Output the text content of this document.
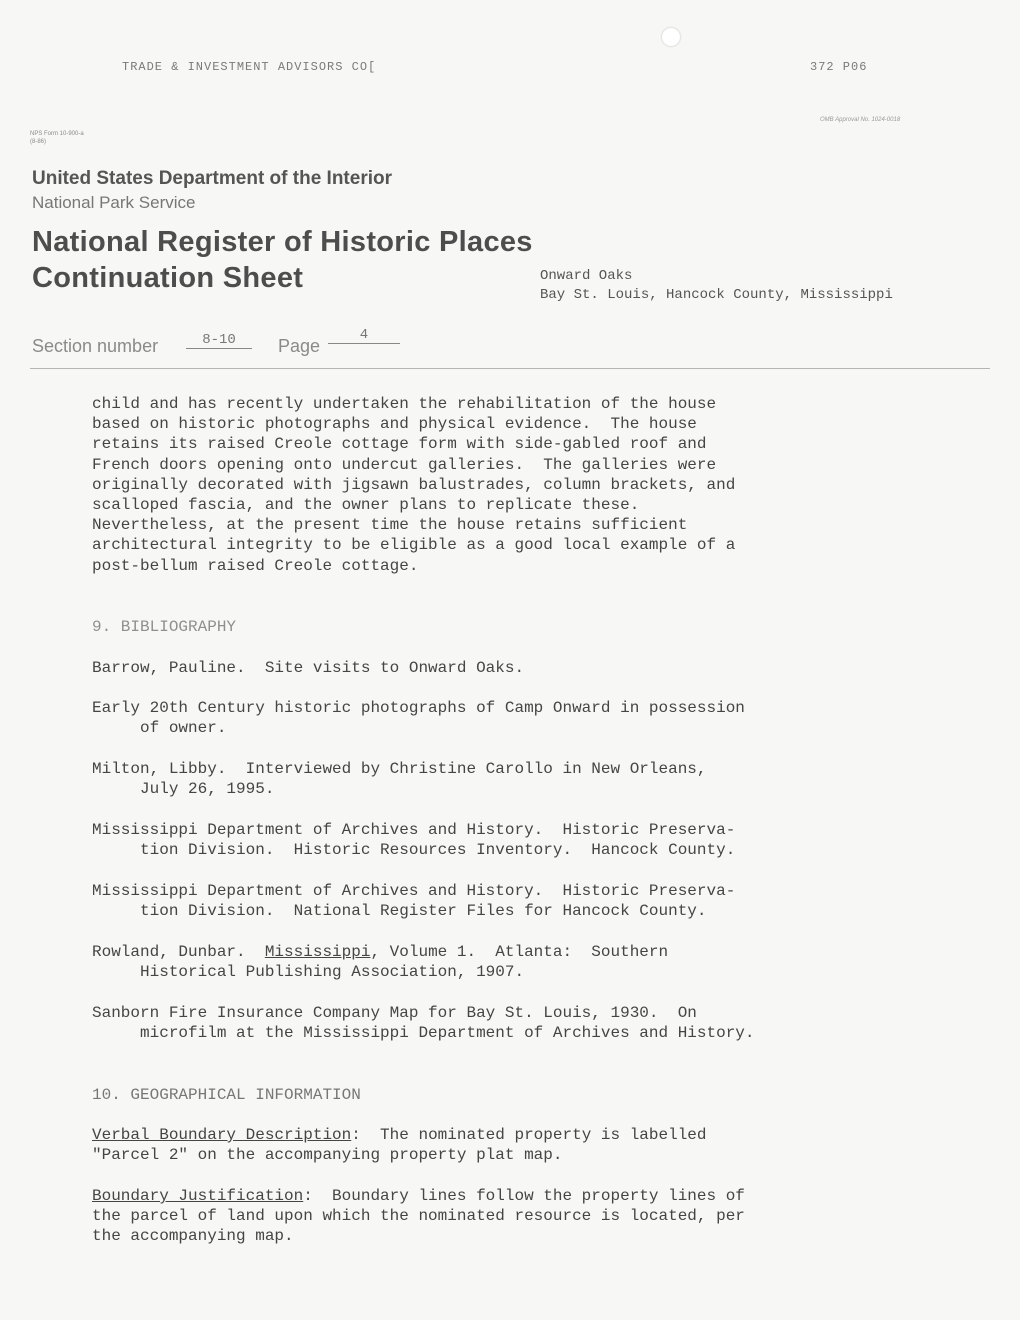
TRADE & INVESTMENT ADVISORS CO[	372 P06
OMB Approval No. 1024-0018
NPS Form 10-900-a
(8-86)
United States Department of the Interior
National Park Service
National Register of Historic Places
Continuation Sheet	Onward Oaks
Bay St. Louis, Hancock County, Mississippi
Section number	8-10	Page
4
child and has recently undertaken the rehabilitation of the house
based on historic photographs and physical evidence.  The house
retains its raised Creole cottage form with side-gabled roof and
French doors opening onto undercut galleries.  The galleries were
originally decorated with jigsawn balustrades, column brackets, and
scalloped fascia, and the owner plans to replicate these.
Nevertheless, at the present time the house retains sufficient
architectural integrity to be eligible as a good local example of a
post-bellum raised Creole cottage.
9. BIBLIOGRAPHY
Barrow, Pauline.  Site visits to Onward Oaks.
Early 20th Century historic photographs of Camp Onward in possession
of owner.
Milton, Libby.  Interviewed by Christine Carollo in New Orleans,
July 26, 1995.
Mississippi Department of Archives and History.  Historic Preserva-
tion Division.  Historic Resources Inventory.  Hancock County.
Mississippi Department of Archives and History.  Historic Preserva-
tion Division.  National Register Files for Hancock County.
Rowland, Dunbar.  Mississippi, Volume 1.  Atlanta:  Southern
Historical Publishing Association, 1907.
Sanborn Fire Insurance Company Map for Bay St. Louis, 1930.  On
microfilm at the Mississippi Department of Archives and History.
10. GEOGRAPHICAL INFORMATION
Verbal Boundary Description:  The nominated property is labelled
"Parcel 2" on the accompanying property plat map.
Boundary Justification:  Boundary lines follow the property lines of
the parcel of land upon which the nominated resource is located, per
the accompanying map.
